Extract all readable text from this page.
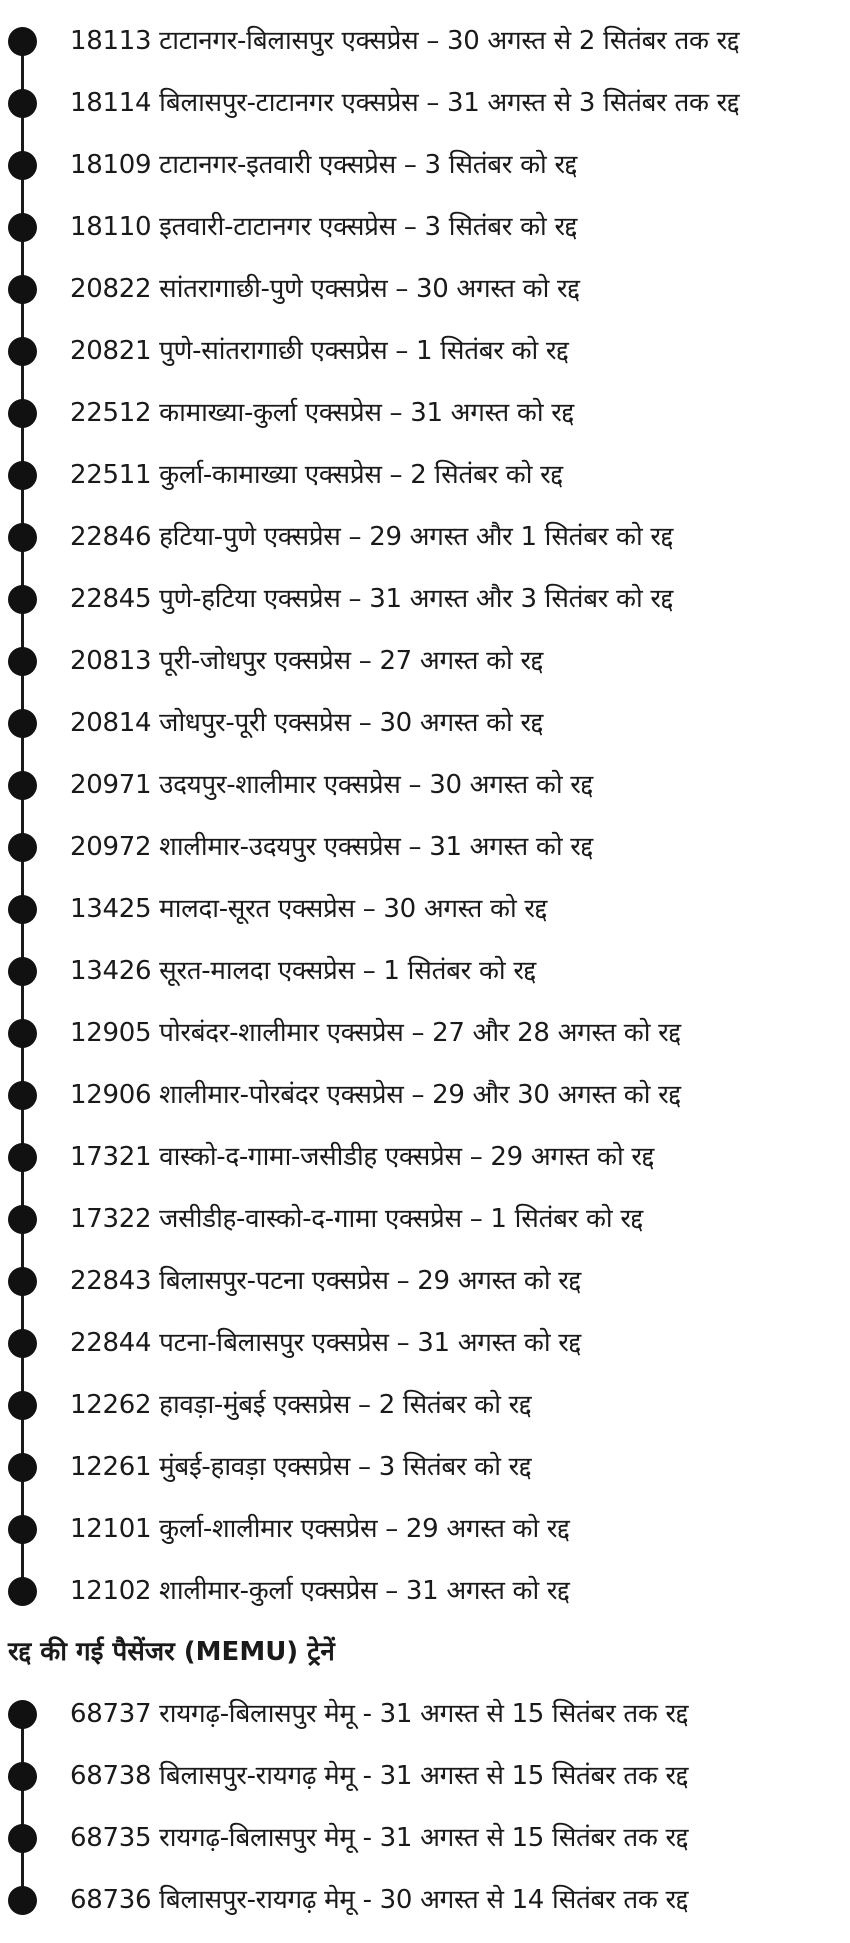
18113 टाटानगर-बिलासपुर एक्सप्रेस – 30 अगस्त से 2 सितंबर तक रद्द
18114 बिलासपुर-टाटानगर एक्सप्रेस – 31 अगस्त से 3 सितंबर तक रद्द
18109 टाटानगर-इतवारी एक्सप्रेस – 3 सितंबर को रद्द
18110 इतवारी-टाटानगर एक्सप्रेस – 3 सितंबर को रद्द
20822 सांतरागाछी-पुणे एक्सप्रेस – 30 अगस्त को रद्द
20821 पुणे-सांतरागाछी एक्सप्रेस – 1 सितंबर को रद्द
22512 कामाख्या-कुर्ला एक्सप्रेस – 31 अगस्त को रद्द
22511 कुर्ला-कामाख्या एक्सप्रेस – 2 सितंबर को रद्द
22846 हटिया-पुणे एक्सप्रेस – 29 अगस्त और 1 सितंबर को रद्द
22845 पुणे-हटिया एक्सप्रेस – 31 अगस्त और 3 सितंबर को रद्द
20813 पूरी-जोधपुर एक्सप्रेस – 27 अगस्त को रद्द
20814 जोधपुर-पूरी एक्सप्रेस – 30 अगस्त को रद्द
20971 उदयपुर-शालीमार एक्सप्रेस – 30 अगस्त को रद्द
20972 शालीमार-उदयपुर एक्सप्रेस – 31 अगस्त को रद्द
13425 मालदा-सूरत एक्सप्रेस – 30 अगस्त को रद्द
13426 सूरत-मालदा एक्सप्रेस – 1 सितंबर को रद्द
12905 पोरबंदर-शालीमार एक्सप्रेस – 27 और 28 अगस्त को रद्द
12906 शालीमार-पोरबंदर एक्सप्रेस – 29 और 30 अगस्त को रद्द
17321 वास्को-द-गामा-जसीडीह एक्सप्रेस – 29 अगस्त को रद्द
17322 जसीडीह-वास्को-द-गामा एक्सप्रेस – 1 सितंबर को रद्द
22843 बिलासपुर-पटना एक्सप्रेस – 29 अगस्त को रद्द
22844 पटना-बिलासपुर एक्सप्रेस – 31 अगस्त को रद्द
12262 हावड़ा-मुंबई एक्सप्रेस – 2 सितंबर को रद्द
12261 मुंबई-हावड़ा एक्सप्रेस – 3 सितंबर को रद्द
12101 कुर्ला-शालीमार एक्सप्रेस – 29 अगस्त को रद्द
12102 शालीमार-कुर्ला एक्सप्रेस – 31 अगस्त को रद्द
रद्द की गई पैसेंजर (MEMU) ट्रेनें
68737 रायगढ़-बिलासपुर मेमू - 31 अगस्त से 15 सितंबर तक रद्द
68738 बिलासपुर-रायगढ़ मेमू - 31 अगस्त से 15 सितंबर तक रद्द
68735 रायगढ़-बिलासपुर मेमू - 31 अगस्त से 15 सितंबर तक रद्द
68736 बिलासपुर-रायगढ़ मेमू - 30 अगस्त से 14 सितंबर तक रद्द
